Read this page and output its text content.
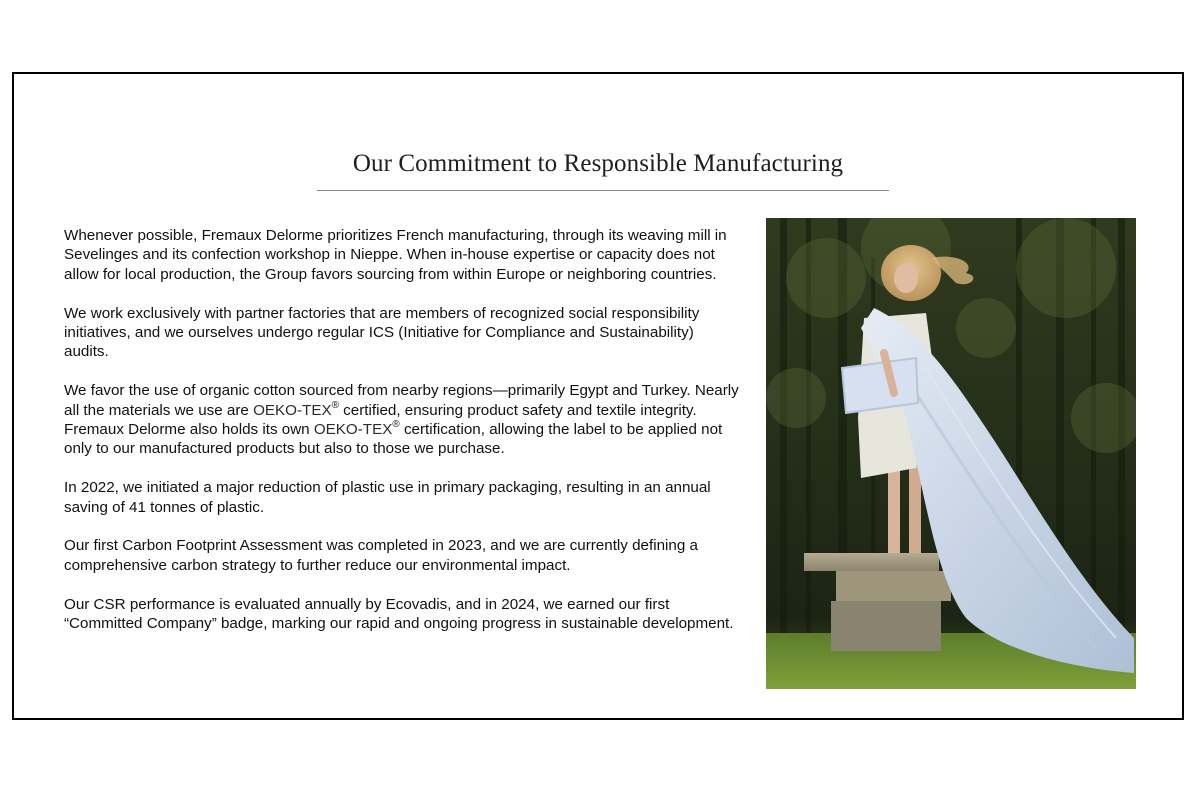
Our Commitment to Responsible Manufacturing

Whenever possible, Fremaux Delorme prioritizes French manufacturing, through its weaving mill in Sevelinges and its confection workshop in Nieppe. When in-house expertise or capacity does not allow for local production, the Group favors sourcing from within Europe or neighboring countries.

We work exclusively with partner factories that are members of recognized social responsibility initiatives, and we ourselves undergo regular ICS (Initiative for Compliance and Sustainability) audits.

We favor the use of organic cotton sourced from nearby regions—primarily Egypt and Turkey. Nearly all the materials we use are OEKO-TEX® certified, ensuring product safety and textile integrity. Fremaux Delorme also holds its own OEKO-TEX® certification, allowing the label to be applied not only to our manufactured products but also to those we purchase.

In 2022, we initiated a major reduction of plastic use in primary packaging, resulting in an annual saving of 41 tonnes of plastic.

Our first Carbon Footprint Assessment was completed in 2023, and we are currently defining a comprehensive carbon strategy to further reduce our environmental impact.

Our CSR performance is evaluated annually by Ecovadis, and in 2024, we earned our first “Committed Company” badge, marking our rapid and ongoing progress in sustainable development.
